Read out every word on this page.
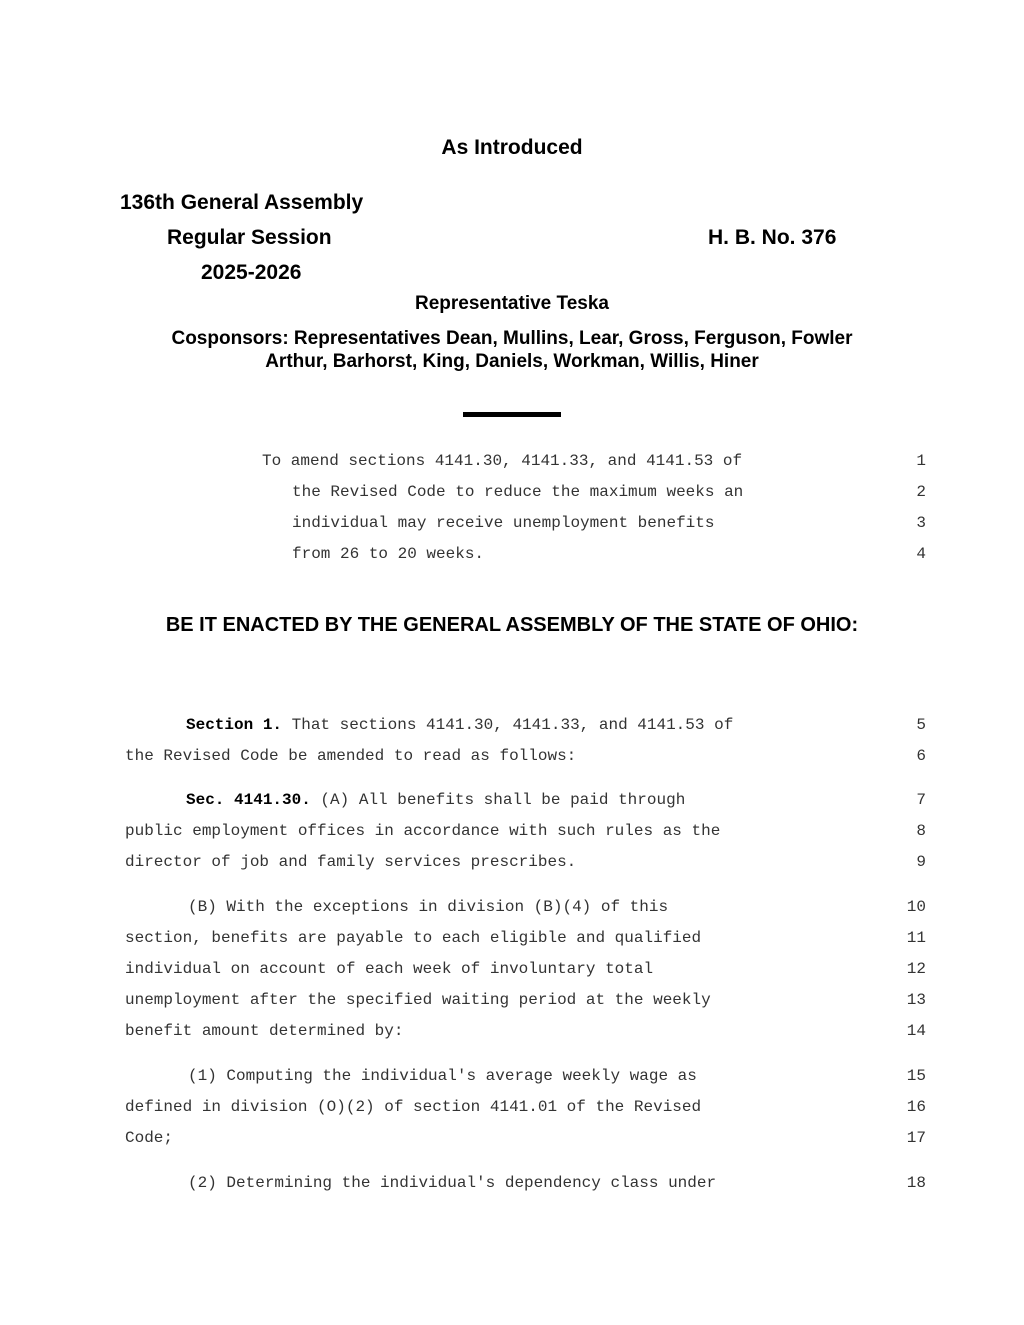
As Introduced
136th General Assembly
Regular Session
2025-2026
H. B. No. 376
Representative Teska
Cosponsors: Representatives Dean, Mullins, Lear, Gross, Ferguson, Fowler
Arthur, Barhorst, King, Daniels, Workman, Willis, Hiner
To amend sections 4141.30, 4141.33, and 4141.53 of	1
the Revised Code to reduce the maximum weeks an	2
individual may receive unemployment benefits	3
from 26 to 20 weeks.	4
BE IT ENACTED BY THE GENERAL ASSEMBLY OF THE STATE OF OHIO:
Section 1. That sections 4141.30, 4141.33, and 4141.53 of	5
the Revised Code be amended to read as follows:	6
Sec. 4141.30. (A) All benefits shall be paid through	7
public employment offices in accordance with such rules as the	8
director of job and family services prescribes.	9
(B) With the exceptions in division (B)(4) of this	10
section, benefits are payable to each eligible and qualified	11
individual on account of each week of involuntary total	12
unemployment after the specified waiting period at the weekly	13
benefit amount determined by:	14
(1) Computing the individual's average weekly wage as	15
defined in division (O)(2) of section 4141.01 of the Revised	16
Code;	17
(2) Determining the individual's dependency class under	18
